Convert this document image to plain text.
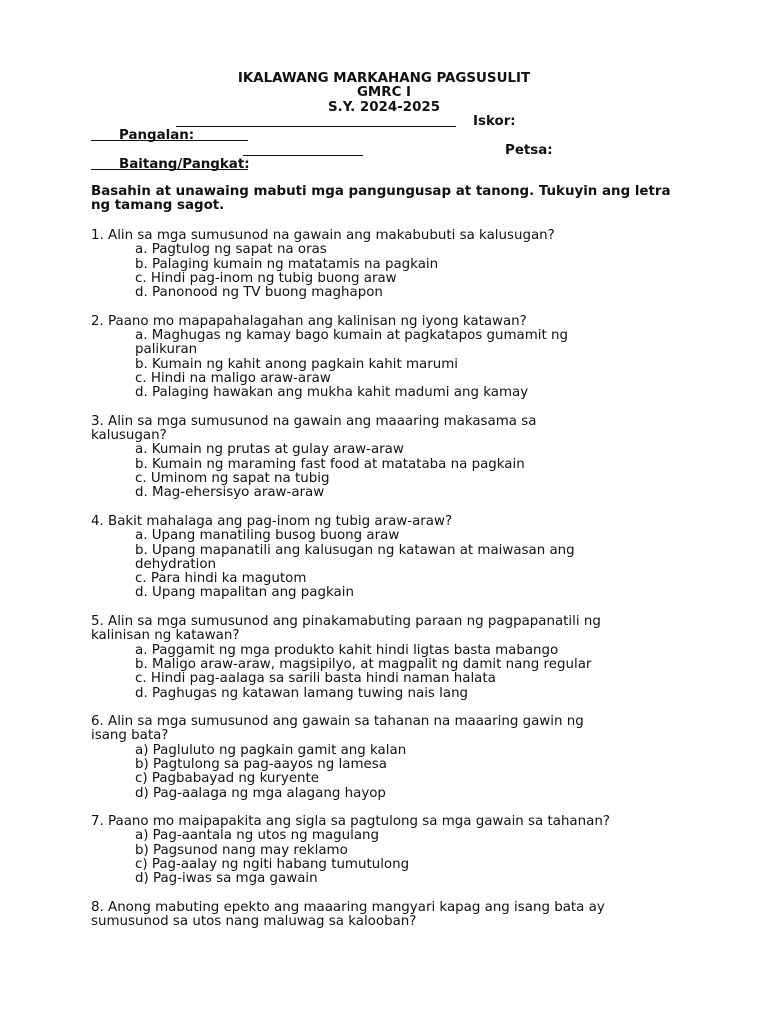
IKALAWANG MARKAHANG PAGSUSULIT
GMRC I
S.Y. 2024-2025

Pangalan:

Iskor:

Baitang/Pangkat:

Petsa:

Basahin at unawaing mabuti mga pangungusap at tanong. Tukuyin ang letra ng tamang sagot.
1. Alin sa mga sumusunod na gawain ang makabubuti sa kalusugan?
a. Pagtulog ng sapat na oras
b. Palaging kumain ng matatamis na pagkain
c. Hindi pag-inom ng tubig buong araw
d. Panonood ng TV buong maghapon
2. Paano mo mapapahalagahan ang kalinisan ng iyong katawan?
a. Maghugas ng kamay bago kumain at pagkatapos gumamit ng
palikuran
b. Kumain ng kahit anong pagkain kahit marumi
c. Hindi na maligo araw-araw
d. Palaging hawakan ang mukha kahit madumi ang kamay
3. Alin sa mga sumusunod na gawain ang maaaring makasama sa
kalusugan?
a. Kumain ng prutas at gulay araw-araw
b. Kumain ng maraming fast food at matataba na pagkain
c. Uminom ng sapat na tubig
d. Mag-ehersisyo araw-araw
4. Bakit mahalaga ang pag-inom ng tubig araw-araw?
a. Upang manatiling busog buong araw
b. Upang mapanatili ang kalusugan ng katawan at maiwasan ang
dehydration
c. Para hindi ka magutom
d. Upang mapalitan ang pagkain
5. Alin sa mga sumusunod ang pinakamabuting paraan ng pagpapanatili ng
kalinisan ng katawan?
a. Paggamit ng mga produkto kahit hindi ligtas basta mabango
b. Maligo araw-araw, magsipilyo, at magpalit ng damit nang regular
c. Hindi pag-aalaga sa sarili basta hindi naman halata
d. Paghugas ng katawan lamang tuwing nais lang
6. Alin sa mga sumusunod ang gawain sa tahanan na maaaring gawin ng
isang bata?
a) Pagluluto ng pagkain gamit ang kalan
b) Pagtulong sa pag-aayos ng lamesa
c) Pagbabayad ng kuryente
d) Pag-aalaga ng mga alagang hayop
7. Paano mo maipapakita ang sigla sa pagtulong sa mga gawain sa tahanan?
a) Pag-aantala ng utos ng magulang
b) Pagsunod nang may reklamo
c) Pag-aalay ng ngiti habang tumutulong
d) Pag-iwas sa mga gawain
8. Anong mabuting epekto ang maaaring mangyari kapag ang isang bata ay
sumusunod sa utos nang maluwag sa kalooban?
